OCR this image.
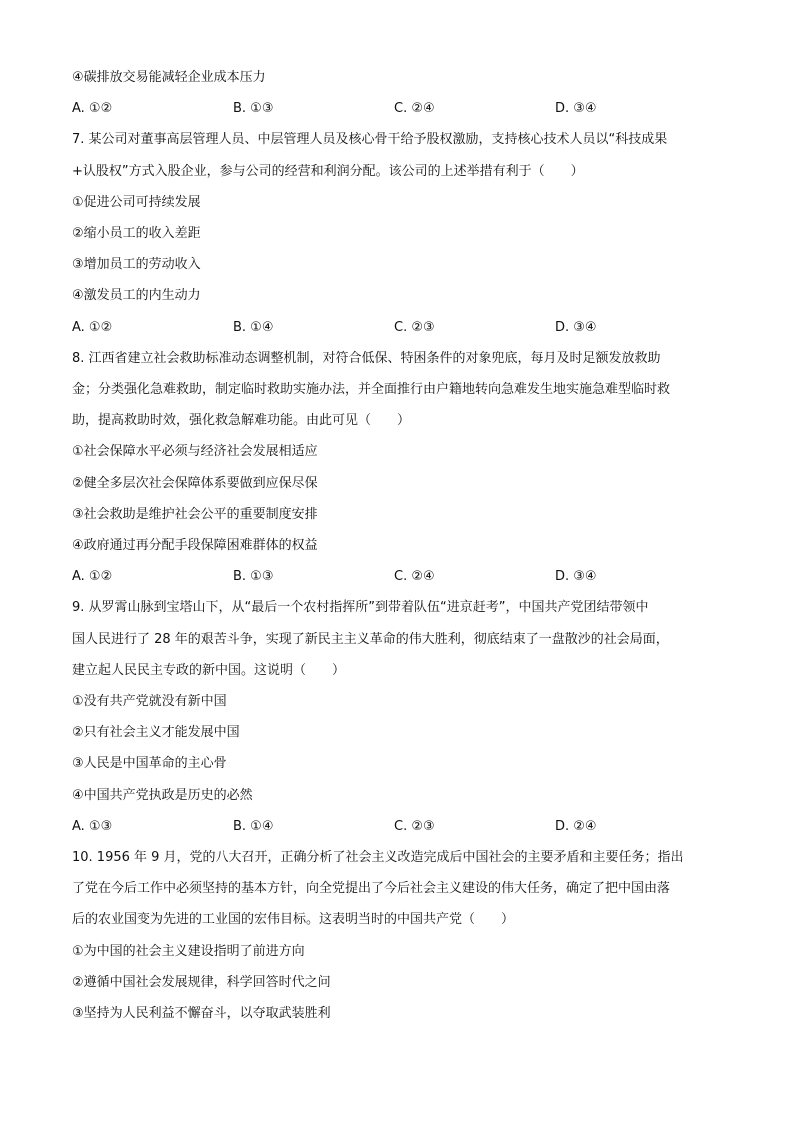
④碳排放交易能减轻企业成本压力
A. ①②	B. ①③	C. ②④	D. ③④
7. 某公司对董事高层管理人员、中层管理人员及核心骨干给予股权激励，支持核心技术人员以“科技成果
+认股权”方式入股企业，参与公司的经营和利润分配。该公司的上述举措有利于（　　）
①促进公司可持续发展
②缩小员工的收入差距
③增加员工的劳动收入
④激发员工的内生动力
A. ①②	B. ①④	C. ②③	D. ③④
8. 江西省建立社会救助标准动态调整机制，对符合低保、特困条件的对象兜底，每月及时足额发放救助
金；分类强化急难救助，制定临时救助实施办法，并全面推行由户籍地转向急难发生地实施急难型临时救
助，提高救助时效，强化救急解难功能。由此可见（　　）
①社会保障水平必须与经济社会发展相适应
②健全多层次社会保障体系要做到应保尽保
③社会救助是维护社会公平的重要制度安排
④政府通过再分配手段保障困难群体的权益
A. ①②	B. ①③	C. ②④	D. ③④
9. 从罗霄山脉到宝塔山下，从“最后一个农村指挥所”到带着队伍“进京赶考”，中国共产党团结带领中
国人民进行了 28 年的艰苦斗争，实现了新民主主义革命的伟大胜利，彻底结束了一盘散沙的社会局面，
建立起人民民主专政的新中国。这说明（　　）
①没有共产党就没有新中国
②只有社会主义才能发展中国
③人民是中国革命的主心骨
④中国共产党执政是历史的必然
A. ①③	B. ①④	C. ②③	D. ②④
10. 1956 年 9 月，党的八大召开，正确分析了社会主义改造完成后中国社会的主要矛盾和主要任务；指出
了党在今后工作中必须坚持的基本方针，向全党提出了今后社会主义建设的伟大任务，确定了把中国由落
后的农业国变为先进的工业国的宏伟目标。这表明当时的中国共产党（　　）
①为中国的社会主义建设指明了前进方向
②遵循中国社会发展规律，科学回答时代之问
③坚持为人民利益不懈奋斗，以夺取武装胜利
